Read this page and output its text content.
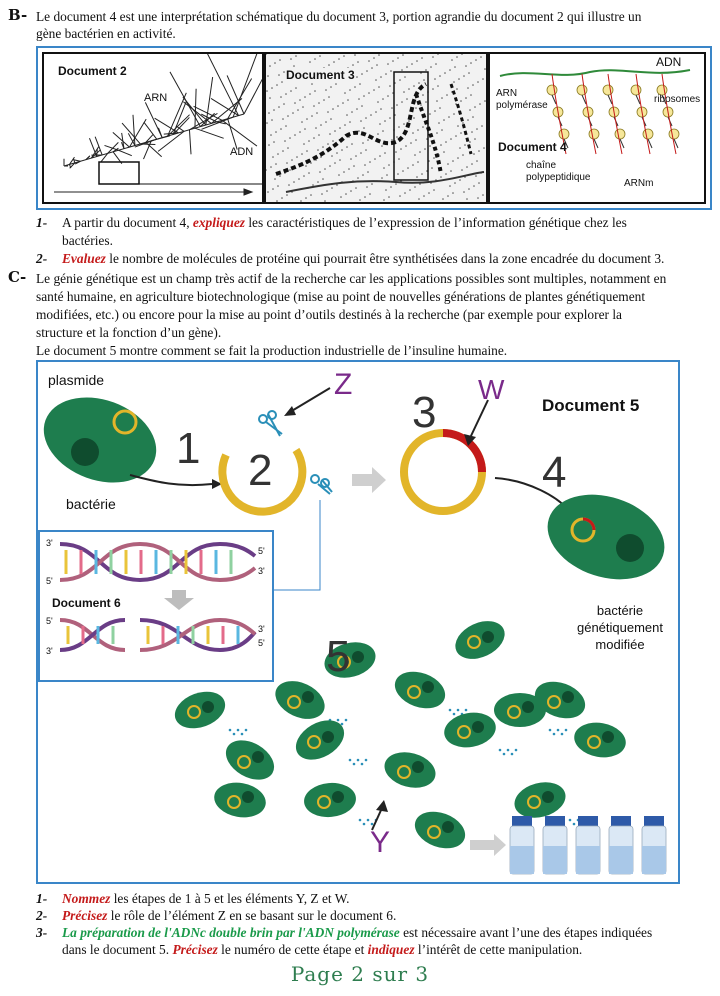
B- Le document 4 est une interprétation schématique du document 3, portion agrandie du document 2 qui illustre un
gène bactérien en activité.
Document 2
ARN
ADN
Document 3
ADN
ARN
polymérase
ribosomes
Document 4
chaîne
polypeptidique
ARNm
1- A partir du document 4, expliquez les caractéristiques de l’expression de l’information génétique chez les
bactéries.
2- Evaluez le nombre de molécules de protéine qui pourrait être synthétisées dans la zone encadrée du document 3.
C- Le génie génétique est un champ très actif de la recherche car les applications possibles sont multiples, notamment en
santé humaine, en agriculture biotechnologique (mise au point de nouvelles générations de plantes génétiquement
modifiées, etc.) ou encore pour la mise au point d’outils destinés à la recherche (par exemple pour explorer la
structure et la fonction d’un gène).
Le document 5 montre comment se fait la production industrielle de l’insuline humaine.
Document 6
3'
5'
5'
3'
5'
3'
3'
5'
plasmide
bactérie
1 2
3
4
5
Z	W
Y
Document 5
bactérie
génétiquement
modifiée
1- Nommez les étapes de 1 à 5 et les éléments Y, Z et W.
2- Précisez le rôle de l’élément Z en se basant sur le document 6.
3- La préparation de l'ADNc double brin par l'ADN polymérase est nécessaire avant l’une des étapes indiquées
dans le document 5. Précisez le numéro de cette étape et indiquez l’intérêt de cette manipulation.
Page 2 sur 3
